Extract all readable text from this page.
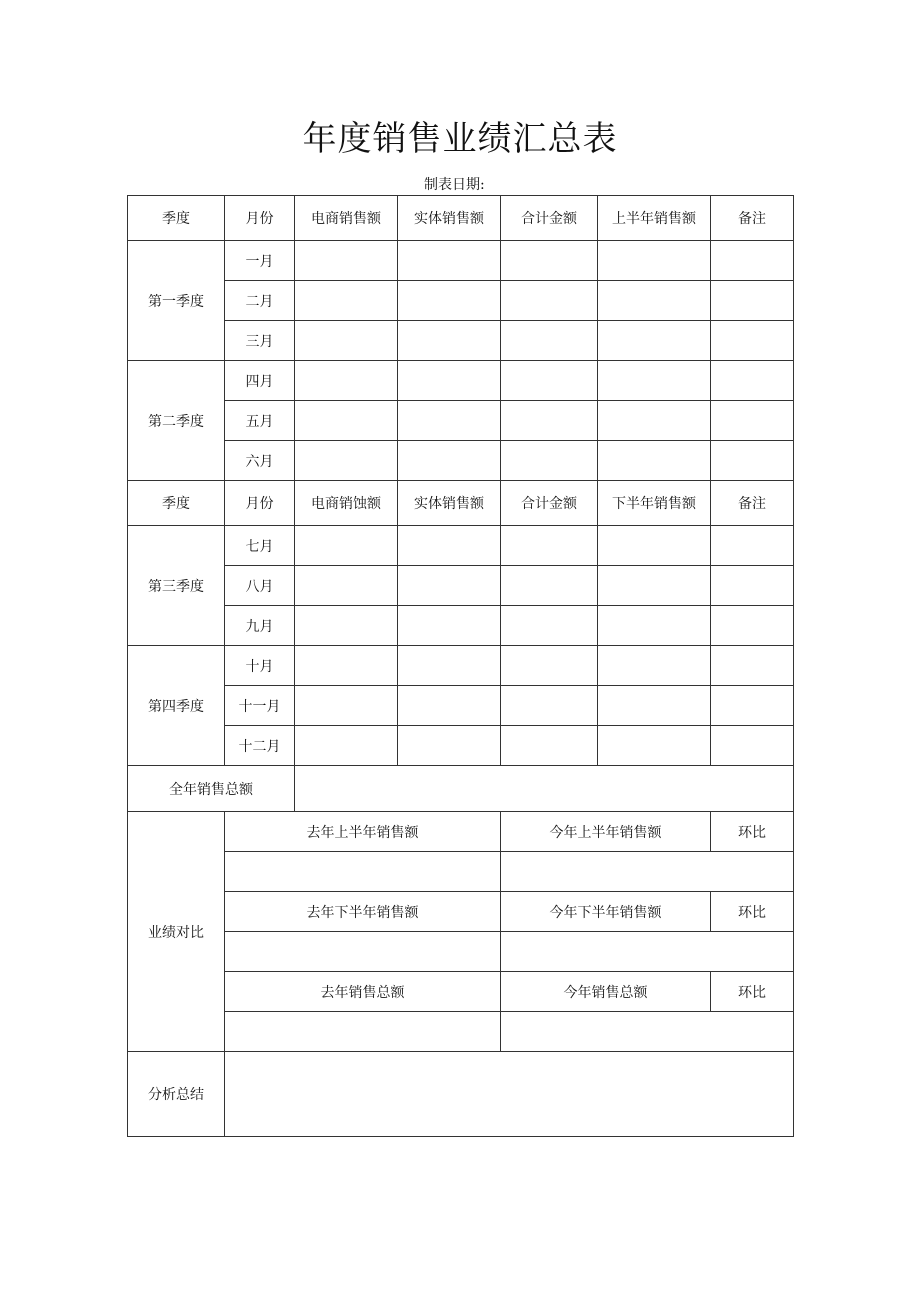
年度销售业绩汇总表
制表日期:
季度	月份	电商销售额	实体销售额	合计金额	上半年销售额	备注
第一季度	一月					
	二月					
	三月					
第二季度	四月					
	五月					
	六月					
季度	月份	电商销蚀额	实体销售额	合计金额	下半年销售额	备注
第三季度	七月					
	八月					
	九月					
第四季度	十月					
	十一月					
	十二月					
全年销售总额						
业绩对比	去年上半年销售额			今年上半年销售额		环比

	去年下半年销售额			今年下半年销售额		环比

	去年销售总额			今年销售总额		环比

分析总结						
